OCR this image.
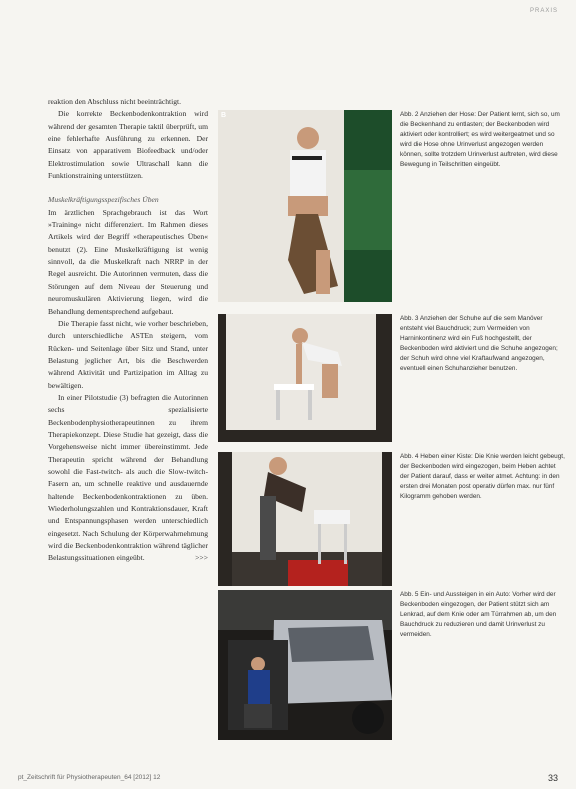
PRAXIS

reaktion den Abschluss nicht beeinträchtigt.

Die korrekte Beckenbodenkontraktion wird während der gesamten Therapie taktil überprüft, um eine fehlerhafte Ausführung zu erkennen. Der Einsatz von apparativem Biofeedback und/oder Elektrostimulation sowie Ultraschall kann die Funktionstraining unterstützen.

Muskelkräftigungsspezifisches Üben

Im ärztlichen Sprachgebrauch ist das Wort »Training« nicht differenziert. Im Rahmen dieses Artikels wird der Begriff »therapeutisches Üben« benutzt (2). Eine Muskelkräftigung ist wenig sinnvoll, da die Muskelkraft nach NRRP in der Regel ausreicht. Die Autorinnen vermuten, dass die Störungen auf dem Niveau der Steuerung und neuromuskulären Aktivierung liegen, wird die Behandlung dementsprechend aufgebaut.

Die Therapie fasst nicht, wie vorher beschrieben, durch unterschiedliche ASTEn steigern, vom Rücken- und Seitenlage über Sitz und Stand, unter Belastung jeglicher Art, bis die Beschwerden während Aktivität und Partizipation im Alltag zu bewältigen.

In einer Pilotstudie (3) befragten die Autorinnen sechs spezialisierte Beckenbodenphysiotherapeutinnen zu ihrem Therapiekonzept. Diese Studie hat gezeigt, dass die Vorgehensweise nicht immer übereinstimmt. Jede Therapeutin spricht während der Behandlung sowohl die Fast-twitch- als auch die Slow-twitch-Fasern an, um schnelle reaktive und ausdauernde haltende Beckenbodenkontraktionen zu üben. Wiederholungszahlen und Kontraktionsdauer, Kraft und Entspannungsphasen werden unterschiedlich eingesetzt. Nach Schulung der Körperwahrnehmung wird die Beckenbodenkontraktion während täglicher Belastungssituationen eingeübt.	>>>

B	Abb. 2 Anziehen der Hose: Der Patient lernt, sich so, um die Beckenhand zu entlasten; der Beckenboden wird aktiviert oder kontrolliert; es wird weitergeatmet und so wird die Hose ohne Urinverlust angezogen werden können, sollte trotzdem Urinverlust auftreten, wird diese Bewegung in Teilschritten eingeübt.
Abb. 3 Anziehen der Schuhe auf die sem Manöver entsteht viel Bauchdruck; zum Vermeiden von Harninkontinenz wird ein Fuß hochgestellt, der Beckenboden wird aktiviert und die Schuhe angezogen; der Schuh wird ohne viel Kraftaufwand angezogen, eventuell einen Schuhanzieher benutzen.
Abb. 4 Heben einer Kiste: Die Knie werden leicht gebeugt, der Beckenboden wird eingezogen, beim Heben achtet der Patient darauf, dass er weiter atmet. Achtung: in den ersten drei Monaten post operativ dürfen max. nur fünf Kilogramm gehoben werden.
Abb. 5 Ein- und Aussteigen in ein Auto: Vorher wird der Beckenboden eingezogen, der Patient stützt sich am Lenkrad, auf dem Knie oder am Türrahmen ab, um den Bauchdruck zu reduzieren und damit Urinverlust zu vermeiden.
pt_Zeitschrift für Physiotherapeuten_64 [2012] 12	33
